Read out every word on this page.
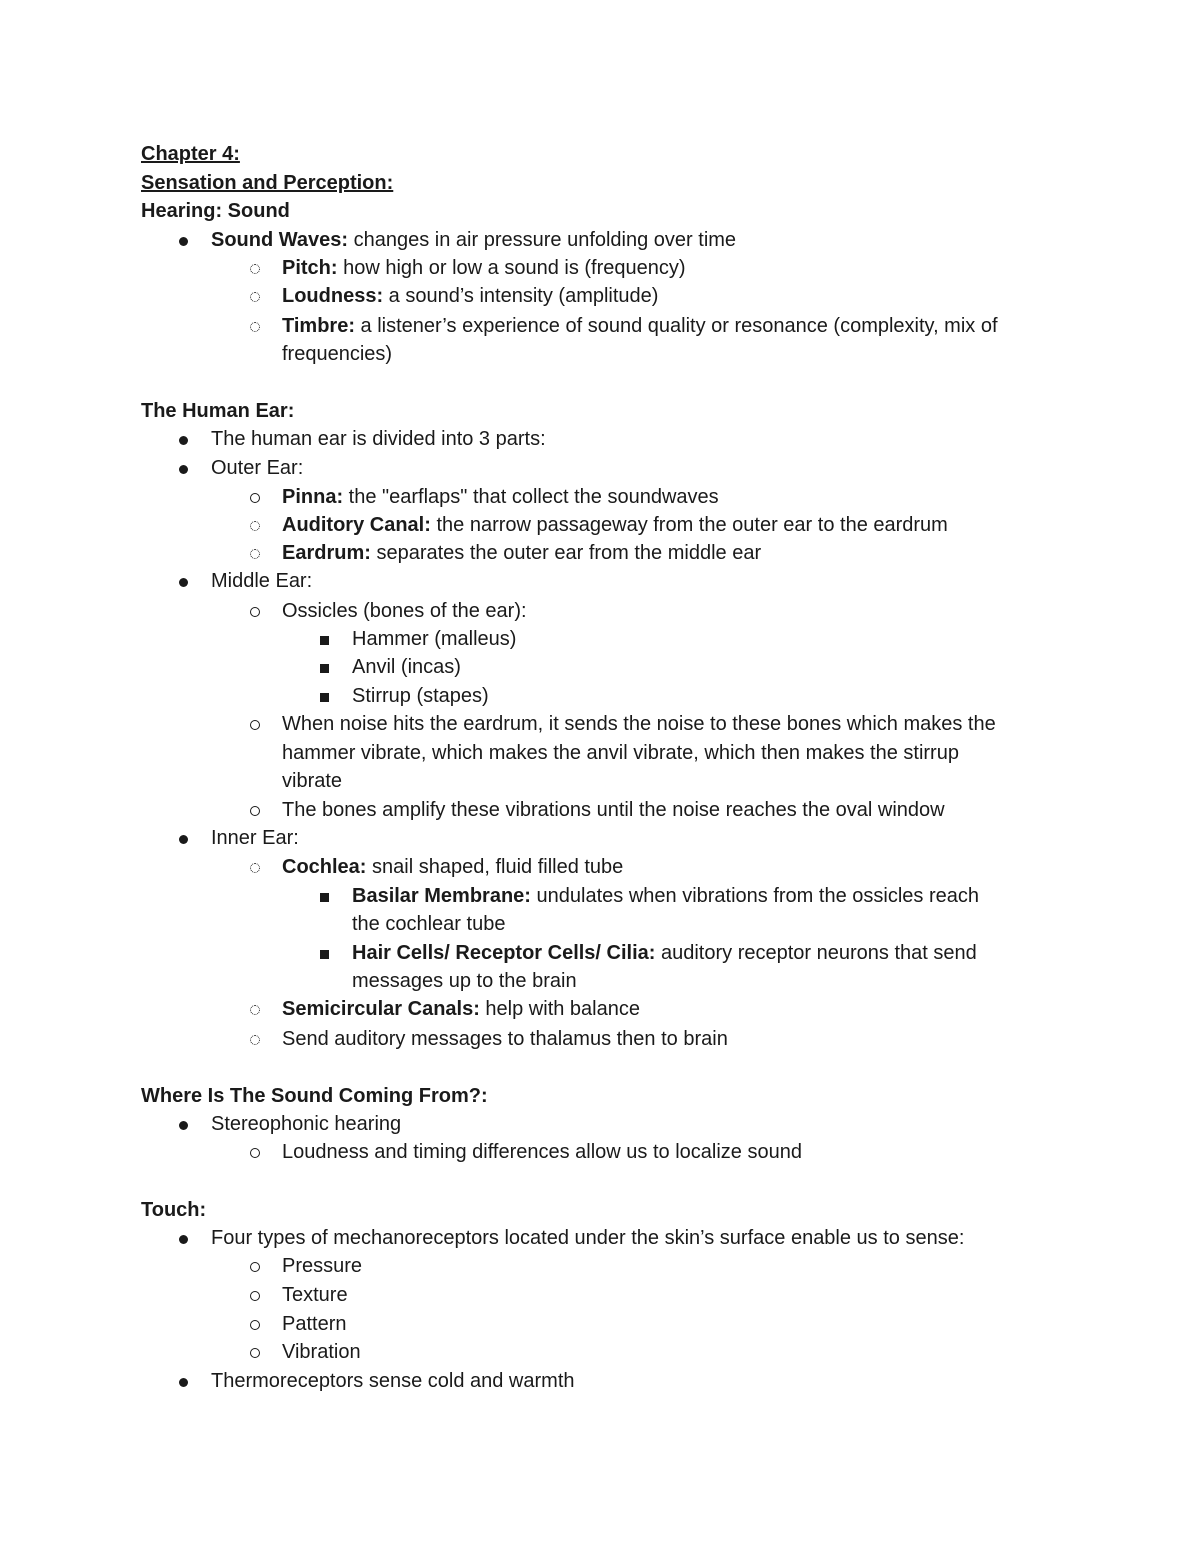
Chapter 4:
Sensation and Perception:
Hearing: Sound
Sound Waves: changes in air pressure unfolding over time
Pitch: how high or low a sound is (frequency)
Loudness: a sound’s intensity (amplitude)
Timbre: a listener’s experience of sound quality or resonance (complexity, mix of
frequencies)
The Human Ear:
The human ear is divided into 3 parts:
Outer Ear:
Pinna: the "earflaps" that collect the soundwaves
Auditory Canal: the narrow passageway from the outer ear to the eardrum
Eardrum: separates the outer ear from the middle ear
Middle Ear:
Ossicles (bones of the ear):
Hammer (malleus)
Anvil (incas)
Stirrup (stapes)
When noise hits the eardrum, it sends the noise to these bones which makes the
hammer vibrate, which makes the anvil vibrate, which then makes the stirrup
vibrate
The bones amplify these vibrations until the noise reaches the oval window
Inner Ear:
Cochlea: snail shaped, fluid filled tube
Basilar Membrane: undulates when vibrations from the ossicles reach
the cochlear tube
Hair Cells/ Receptor Cells/ Cilia: auditory receptor neurons that send
messages up to the brain
Semicircular Canals: help with balance
Send auditory messages to thalamus then to brain
Where Is The Sound Coming From?:
Stereophonic hearing
Loudness and timing differences allow us to localize sound
Touch:
Four types of mechanoreceptors located under the skin’s surface enable us to sense:
Pressure
Texture
Pattern
Vibration
Thermoreceptors sense cold and warmth
